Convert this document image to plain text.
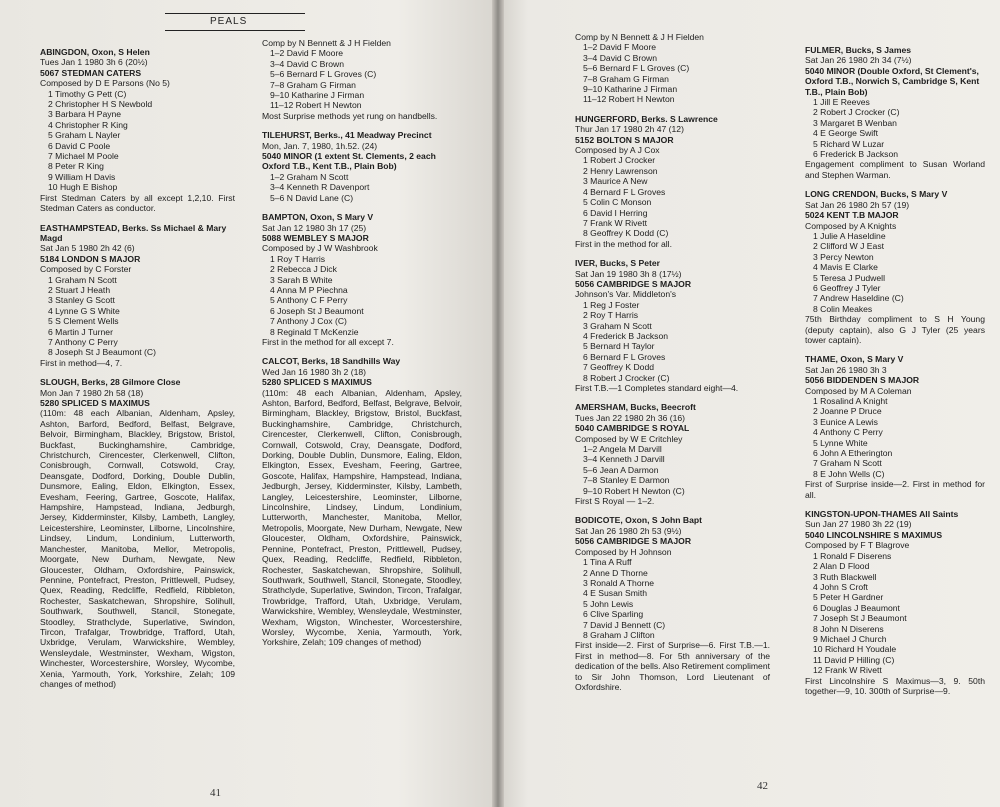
PEALS

ABINGDON, Oxon, S Helen

Tues Jan 1 1980 3h 6 (20½)

5067 STEDMAN CATERS

Composed by D E Parsons (No 5)

1 Timothy G Pett (C)

2 Christopher H S Newbold

3 Barbara H Payne

4 Christopher R King

5 Graham L Nayler

6 David C Poole

7 Michael M Poole

8 Peter R King

9 William H Davis

10 Hugh E Bishop

First Stedman Caters by all except 1,2,10. First Stedman Caters as conductor.

EASTHAMPSTEAD, Berks. Ss Michael & Mary Magd

Sat Jan 5 1980 2h 42 (6)

5184 LONDON S MAJOR

Composed by C Forster

1 Graham N Scott

2 Stuart J Heath

3 Stanley G Scott

4 Lynne G S White

5 S Clement Wells

6 Martin J Turner

7 Anthony C Perry

8 Joseph St J Beaumont (C)

First in method—4, 7.

SLOUGH, Berks, 28 Gilmore Close

Mon Jan 7 1980 2h 58 (18)

5280 SPLICED S MAXIMUS

(110m: 48 each Albanian, Aldenham, Apsley, Ashton, Barford, Bedford, Belfast, Belgrave, Belvoir, Birmingham, Blackley, Brigstow, Bristol, Buckfast, Buckinghamshire, Cambridge, Christchurch, Cirencester, Clerkenwell, Clifton, Conisbrough, Cornwall, Cotswold, Cray, Deansgate, Dodford, Dorking, Double Dublin, Dunsmore, Ealing, Eldon, Elkington, Essex, Evesham, Feering, Gartree, Goscote, Halifax, Hampshire, Hampstead, Indiana, Jedburgh, Jersey, Kidderminster, Kilsby, Lambeth, Langley, Leicestershire, Leominster, Lilborne, Lincolnshire, Lindsey, Lindum, Londinium, Lutterworth, Manchester, Manitoba, Mellor, Metropolis, Moorgate, New Durham, Newgate, New Gloucester, Oldham, Oxfordshire, Painswick, Pennine, Pontefract, Preston, Prittlewell, Pudsey, Quex, Reading, Redcliffe, Redfield, Ribbleton, Rochester, Saskatchewan, Shropshire, Solihull, Southwark, Southwell, Stancil, Stonegate, Stoodley, Strathclyde, Superlative, Swindon, Tircon, Trafalgar, Trowbridge, Trafford, Utah, Uxbridge, Verulam, Warwickshire, Wembley, Wensleydale, Westminster, Wexham, Wigston, Winchester, Worcestershire, Worsley, Wycombe, Xenia, Yarmouth, York, Yorkshire, Zelah; 109 changes of method)

Comp by N Bennett & J H Fielden

1–2 David F Moore

3–4 David C Brown

5–6 Bernard F L Groves (C)

7–8 Graham G Firman

9–10 Katharine J Firman

11–12 Robert H Newton

Most Surprise methods yet rung on handbells.

TILEHURST, Berks., 41 Meadway Precinct

Mon, Jan. 7, 1980, 1h.52. (24)

5040 MINOR (1 extent St. Clements, 2 each Oxford T.B., Kent T.B., Plain Bob)

1–2 Graham N Scott

3–4 Kenneth R Davenport

5–6 N David Lane (C)

BAMPTON, Oxon, S Mary V

Sat Jan 12 1980 3h 17 (25)

5088 WEMBLEY S MAJOR

Composed by J W Washbrook

1 Roy T Harris

2 Rebecca J Dick

3 Sarah B White

4 Anna M P Piechna

5 Anthony C F Perry

6 Joseph St J Beaumont

7 Anthony J Cox (C)

8 Reginald T McKenzie

First in the method for all except 7.

CALCOT, Berks, 18 Sandhills Way

Wed Jan 16 1980 3h 2 (18)

5280 SPLICED S MAXIMUS

(110m: 48 each Albanian, Aldenham, Apsley, Ashton, Barford, Bedford, Belfast, Belgrave, Belvoir, Birmingham, Blackley, Brigstow, Bristol, Buckfast, Buckinghamshire, Cambridge, Christchurch, Cirencester, Clerkenwell, Clifton, Conisbrough, Cornwall, Cotswold, Cray, Deansgate, Dodford, Dorking, Double Dublin, Dunsmore, Ealing, Eldon, Elkington, Essex, Evesham, Feering, Gartree, Goscote, Halifax, Hampshire, Hampstead, Indiana, Jedburgh, Jersey, Kidderminster, Kilsby, Lambeth, Langley, Leicestershire, Leominster, Lilborne, Lincolnshire, Lindsey, Lindum, Londinium, Lutterworth, Manchester, Manitoba, Mellor, Metropolis, Moorgate, New Durham, Newgate, New Gloucester, Oldham, Oxfordshire, Painswick, Pennine, Pontefract, Preston, Prittlewell, Pudsey, Quex, Reading, Redcliffe, Redfield, Ribbleton, Rochester, Saskatchewan, Shropshire, Solihull, Southwark, Southwell, Stancil, Stonegate, Stoodley, Strathclyde, Superlative, Swindon, Tircon, Trafalgar, Trowbridge, Trafford, Utah, Uxbridge, Verulam, Warwickshire, Wembley, Wensleydale, Westminster, Wexham, Wigston, Winchester, Worcestershire, Worsley, Wycombe, Xenia, Yarmouth, York, Yorkshire, Zelah; 109 changes of method)

Comp by N Bennett & J H Fielden

1–2 David F Moore

3–4 David C Brown

5–6 Bernard F L Groves (C)

7–8 Graham G Firman

9–10 Katharine J Firman

11–12 Robert H Newton

HUNGERFORD, Berks. S Lawrence

Thur Jan 17 1980 2h 47 (12)

5152 BOLTON S MAJOR

Composed by A J Cox

1 Robert J Crocker

2 Henry Lawrenson

3 Maurice A New

4 Bernard F L Groves

5 Colin C Monson

6 David I Herring

7 Frank W Rivett

8 Geoffrey K Dodd (C)

First in the method for all.

IVER, Bucks, S Peter

Sat Jan 19 1980 3h 8 (17½)

5056 CAMBRIDGE S MAJOR

Johnson's Var. Middleton's

1 Reg J Foster

2 Roy T Harris

3 Graham N Scott

4 Frederick B Jackson

5 Bernard H Taylor

6 Bernard F L Groves

7 Geoffrey K Dodd

8 Robert J Crocker (C)

First T.B.—1 Completes standard eight—4.

AMERSHAM, Bucks, Beecroft

Tues Jan 22 1980 2h 36 (16)

5040 CAMBRIDGE S ROYAL

Composed by W E Critchley

1–2 Angela M Darvill

3–4 Kenneth J Darvill

5–6 Jean A Darmon

7–8 Stanley E Darmon

9–10 Robert H Newton (C)

First S Royal — 1–2.

BODICOTE, Oxon, S John Bapt

Sat Jan 26 1980 2h 53 (9½)

5056 CAMBRIDGE S MAJOR

Composed by H Johnson

1 Tina A Ruff

2 Anne D Thorne

3 Ronald A Thorne

4 E Susan Smith

5 John Lewis

6 Clive Sparling

7 David J Bennett (C)

8 Graham J Clifton

First inside—2. First of Surprise—6. First T.B.—1. First in method—8. For 5th anniversary of the dedication of the bells. Also Retirement compliment to Sir John Thomson, Lord Lieutenant of Oxfordshire.

FULMER, Bucks, S James

Sat Jan 26 1980 2h 34 (7½)

5040 MINOR (Double Oxford, St Clement's, Oxford T.B., Norwich S, Cambridge S, Kent T.B., Plain Bob)

1 Jill E Reeves

2 Robert J Crocker (C)

3 Margaret B Wenban

4 E George Swift

5 Richard W Luzar

6 Frederick B Jackson

Engagement compliment to Susan Worland and Stephen Warman.

LONG CRENDON, Bucks, S Mary V

Sat Jan 26 1980 2h 57 (19)

5024 KENT T.B MAJOR

Composed by A Knights

1 Julie A Haseldine

2 Clifford W J East

3 Percy Newton

4 Mavis E Clarke

5 Teresa J Pudwell

6 Geoffrey J Tyler

7 Andrew Haseldine (C)

8 Colin Meakes

75th Birthday compliment to S H Young (deputy captain), also G J Tyler (25 years tower captain).

THAME, Oxon, S Mary V

Sat Jan 26 1980 3h 3

5056 BIDDENDEN S MAJOR

Composed by M A Coleman

1 Rosalind A Knight

2 Joanne P Druce

3 Eunice A Lewis

4 Anthony C Perry

5 Lynne White

6 John A Etherington

7 Graham N Scott

8 E John Wells (C)

First of Surprise inside—2. First in method for all.

KINGSTON-UPON-THAMES All Saints

Sun Jan 27 1980 3h 22 (19)

5040 LINCOLNSHIRE S MAXIMUS

Composed by F T Blagrove

1 Ronald F Diserens

2 Alan D Flood

3 Ruth Blackwell

4 John S Croft

5 Peter H Gardner

6 Douglas J Beaumont

7 Joseph St J Beaumont

8 John N Diserens

9 Michael J Church

10 Richard H Youdale

11 David P Hilling (C)

12 Frank W Rivett

First Lincolnshire S Maximus—3, 9. 50th together—9, 10. 300th of Surprise—9.

41
42
